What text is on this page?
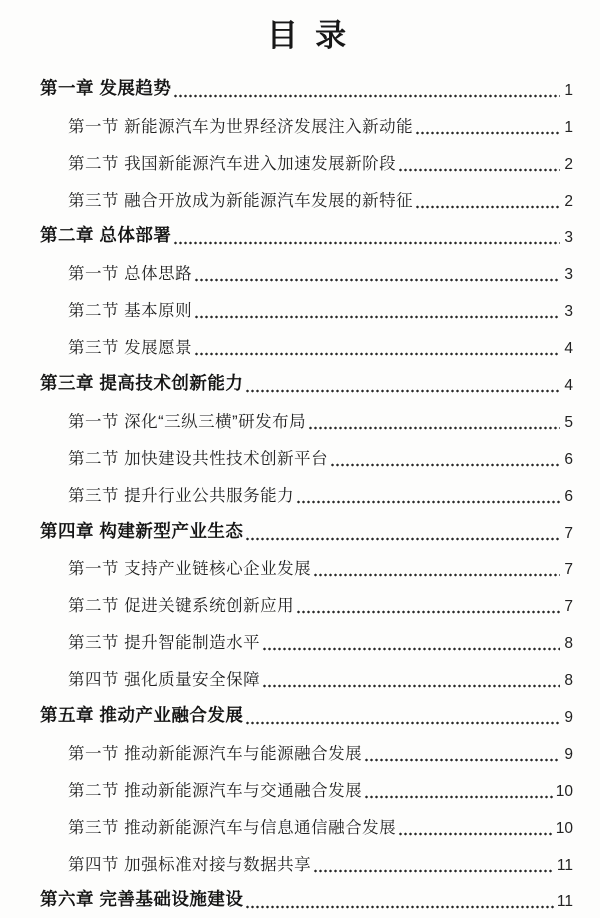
目  录
第一章 发展趋势	1
第一节 新能源汽车为世界经济发展注入新动能	1
第二节 我国新能源汽车进入加速发展新阶段	2
第三节 融合开放成为新能源汽车发展的新特征	2
第二章 总体部署	3
第一节 总体思路	3
第二节 基本原则	3
第三节 发展愿景	4
第三章 提高技术创新能力	4
第一节 深化“三纵三横”研发布局	5
第二节 加快建设共性技术创新平台	6
第三节 提升行业公共服务能力	6
第四章 构建新型产业生态	7
第一节 支持产业链核心企业发展	7
第二节 促进关键系统创新应用	7
第三节 提升智能制造水平	8
第四节 强化质量安全保障	8
第五章 推动产业融合发展	9
第一节 推动新能源汽车与能源融合发展	9
第二节 推动新能源汽车与交通融合发展	10
第三节 推动新能源汽车与信息通信融合发展	10
第四节 加强标准对接与数据共享	11
第六章 完善基础设施建设	11
